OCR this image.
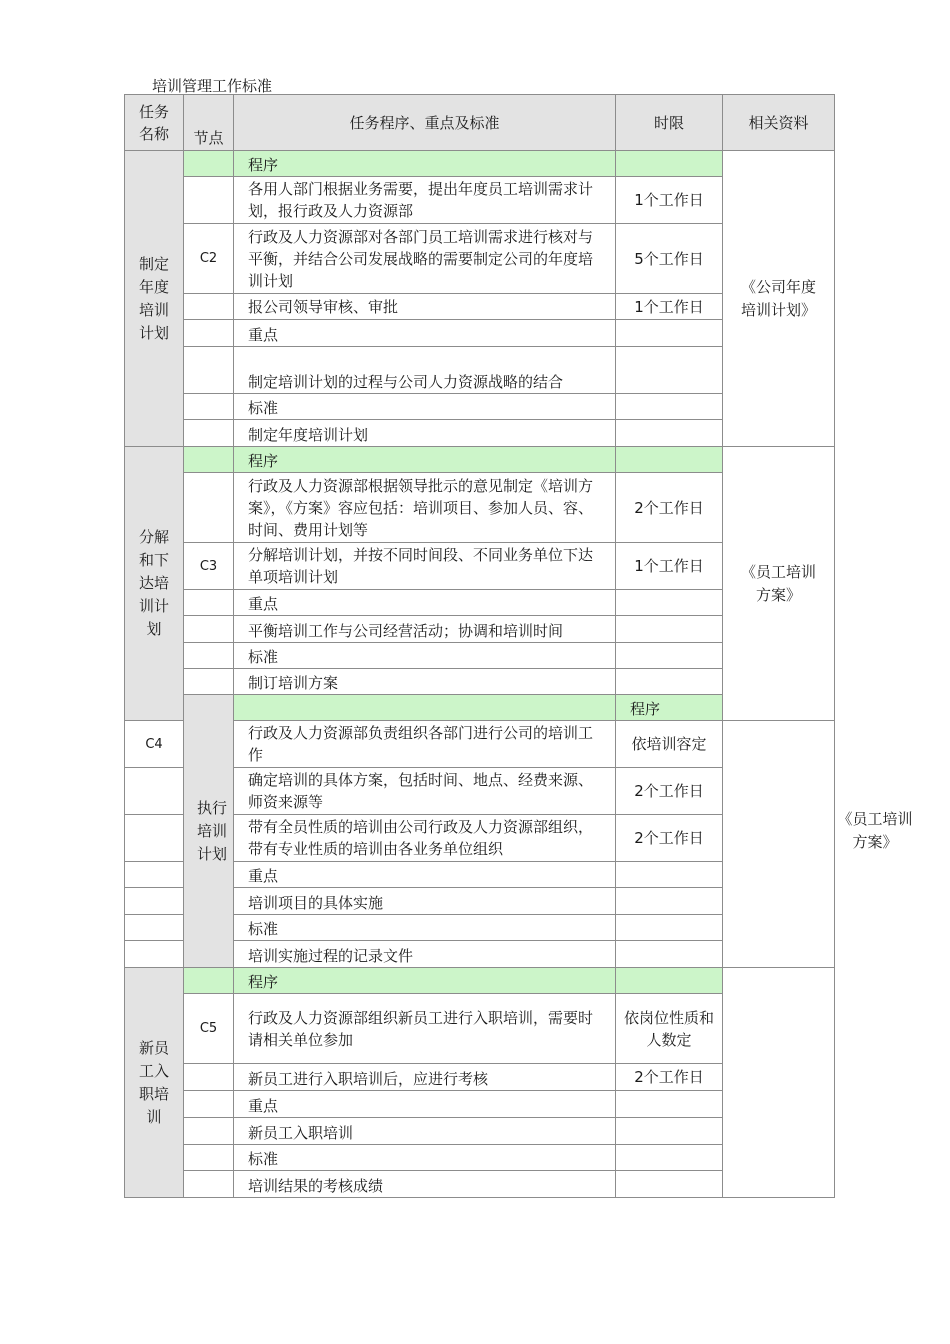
培训管理工作标准
任务名称	节点	任务程序、重点及标准	时限	相关资料	
制定年度培训计划		程序		《公司年度培训计划》	
		各用人部门根据业务需要，提出年度员工培训需求计划，报行政及人力资源部	1个工作日		
	C2	行政及人力资源部对各部门员工培训需求进行核对与平衡，并结合公司发展战略的需要制定公司的年度培训计划	5个工作日		
		报公司领导审核、审批	1个工作日		
		重点			
		制定培训计划的过程与公司人力资源战略的结合			
		标准			
		制定年度培训计划			
分解和下达培训计划		程序		《员工培训方案》	
		行政及人力资源部根据领导批示的意见制定《培训方案》，《方案》容应包括：培训项目、参加人员、容、时间、费用计划等	2个工作日		
	C3	分解培训计划，并按不同时间段、不同业务单位下达单项培训计划	1个工作日		
		重点			
		平衡培训工作与公司经营活动；协调和培训时间			
		标准			
		制订培训方案			
	执行培训计划		程序		《员工培训方案》
C4		行政及人力资源部负责组织各部门进行公司的培训工作	依培训容定		
		确定培训的具体方案，包括时间、地点、经费来源、师资来源等	2个工作日		
		带有全员性质的培训由公司行政及人力资源部组织，带有专业性质的培训由各业务单位组织	2个工作日		
		重点			
		培训项目的具体实施			
		标准			
		培训实施过程的记录文件			
新员工入职培训		程序			
	C5	行政及人力资源部组织新员工进行入职培训，需要时请相关单位参加	依岗位性质和人数定		
		新员工进行入职培训后，应进行考核	2个工作日		
		重点			
		新员工入职培训			
		标准			
		培训结果的考核成绩			
